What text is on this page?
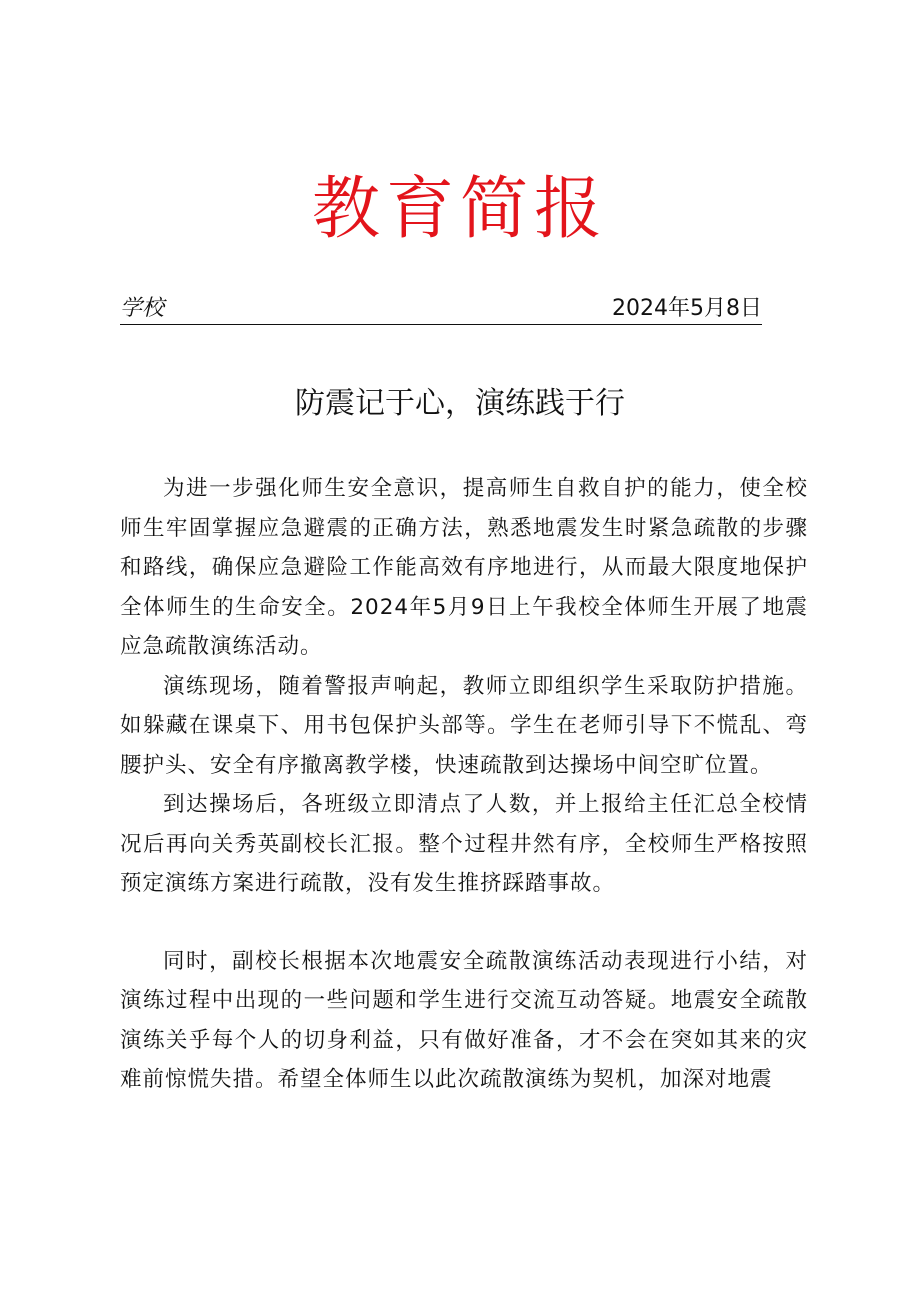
教育简报
学校	2024年5月8日
防震记于心，演练践于行

为进一步强化师生安全意识，提高师生自救自护的能力，使全校师生牢固掌握应急避震的正确方法，熟悉地震发生时紧急疏散的步骤和路线，确保应急避险工作能高效有序地进行，从而最大限度地保护全体师生的生命安全。2024年5月9日上午我校全体师生开展了地震应急疏散演练活动。

演练现场，随着警报声响起，教师立即组织学生采取防护措施。如躲藏在课桌下、用书包保护头部等。学生在老师引导下不慌乱、弯腰护头、安全有序撤离教学楼，快速疏散到达操场中间空旷位置。

到达操场后，各班级立即清点了人数，并上报给主任汇总全校情况后再向关秀英副校长汇报。整个过程井然有序，全校师生严格按照预定演练方案进行疏散，没有发生推挤踩踏事故。

同时，副校长根据本次地震安全疏散演练活动表现进行小结，对演练过程中出现的一些问题和学生进行交流互动答疑。地震安全疏散演练关乎每个人的切身利益，只有做好准备，才不会在突如其来的灾难前惊慌失措。希望全体师生以此次疏散演练为契机，加深对地震
